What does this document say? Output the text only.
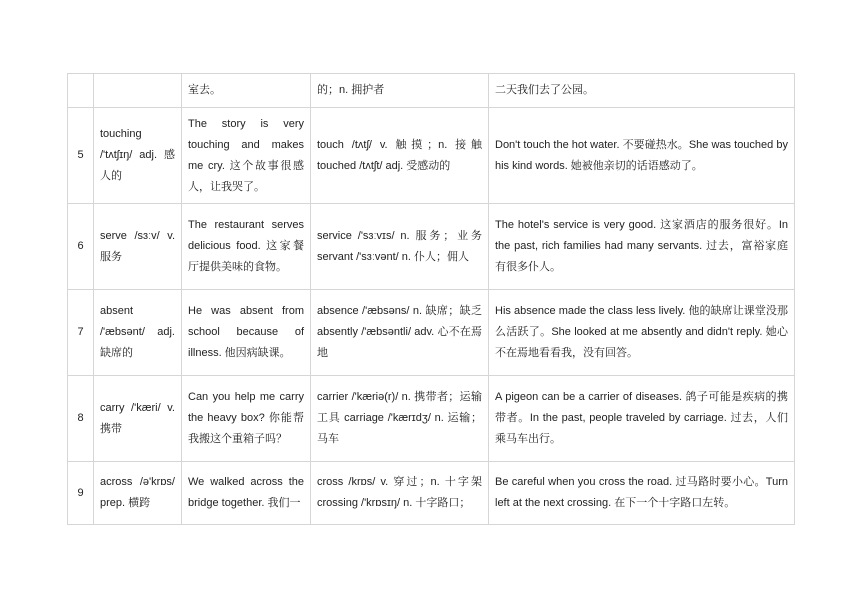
		室去。	的；n. 拥护者	二天我们去了公园。
5	touching /'tʌtʃɪŋ/ adj. 感人的	The story is very touching and makes me cry. 这个故事很感人，让我哭了。	touch /tʌtʃ/ v. 触摸；n. 接触 touched /tʌtʃt/ adj. 受感动的	Don't touch the hot water. 不要碰热水。She was touched by his kind words. 她被他亲切的话语感动了。
6	serve /sɜːv/ v. 服务	The restaurant serves delicious food. 这家餐厅提供美味的食物。	service /'sɜːvɪs/ n. 服务；业务 servant /'sɜːvənt/ n. 仆人；佣人	The hotel's service is very good. 这家酒店的服务很好。In the past, rich families had many servants. 过去，富裕家庭有很多仆人。
7	absent /'æbsənt/ adj. 缺席的	He was absent from school because of illness. 他因病缺课。	absence /'æbsəns/ n. 缺席；缺乏 absently /'æbsəntli/ adv. 心不在焉地	His absence made the class less lively. 他的缺席让课堂没那么活跃了。She looked at me absently and didn't reply. 她心不在焉地看看我，没有回答。
8	carry /'kæri/ v. 携带	Can you help me carry the heavy box? 你能帮我搬这个重箱子吗？	carrier /'kæriə(r)/ n. 携带者；运输工具 carriage /'kærɪdʒ/ n. 运输；马车	A pigeon can be a carrier of diseases. 鸽子可能是疾病的携带者。In the past, people traveled by carriage. 过去，人们乘马车出行。
9	across /ə'krɒs/ prep. 横跨	We walked across the bridge together. 我们一	cross /krɒs/ v. 穿过；n. 十字架 crossing /'krɒsɪŋ/ n. 十字路口；	Be careful when you cross the road. 过马路时要小心。Turn left at the next crossing. 在下一个十字路口左转。
